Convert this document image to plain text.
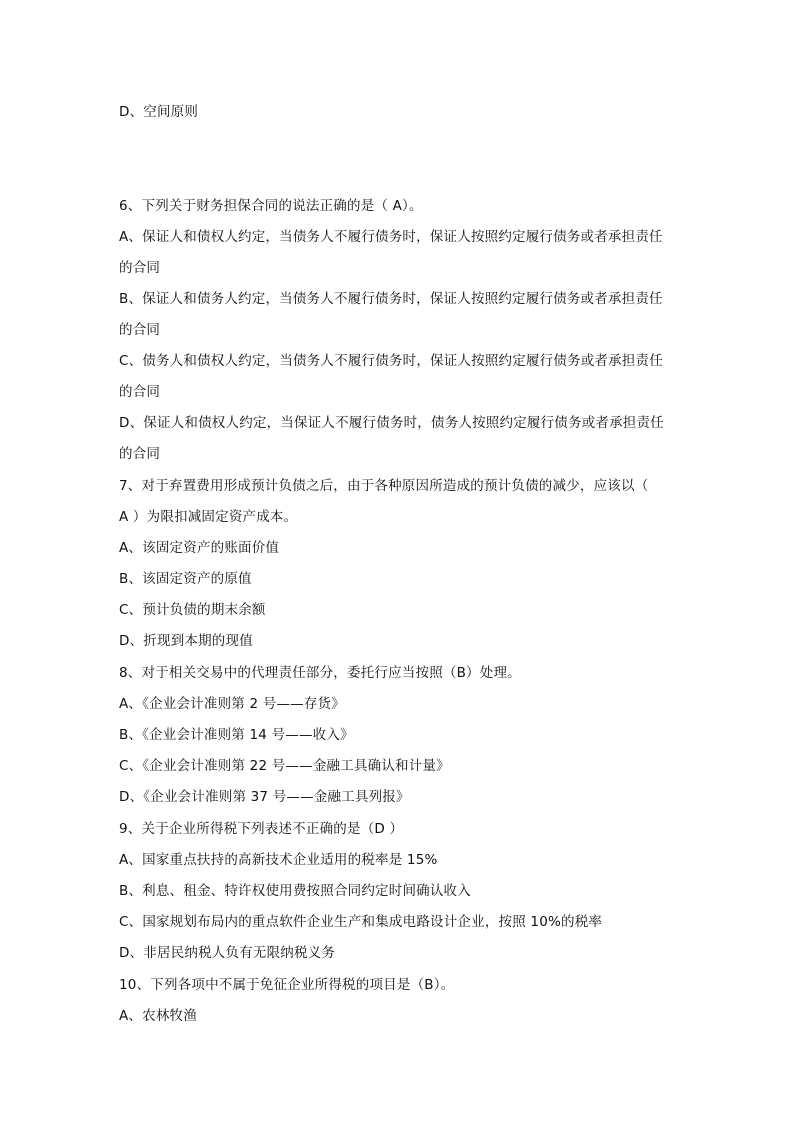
D、空间原则
6、下列关于财务担保合同的说法正确的是（ A）。
A、保证人和债权人约定，当债务人不履行债务时，保证人按照约定履行债务或者承担责任
的合同
B、保证人和债务人约定，当债务人不履行债务时，保证人按照约定履行债务或者承担责任
的合同
C、债务人和债权人约定，当债务人不履行债务时，保证人按照约定履行债务或者承担责任
的合同
D、保证人和债权人约定，当保证人不履行债务时，债务人按照约定履行债务或者承担责任
的合同
7、对于弃置费用形成预计负债之后，由于各种原因所造成的预计负债的减少，应该以（
A ）为限扣减固定资产成本。
A、该固定资产的账面价值
B、该固定资产的原值
C、预计负债的期末余额
D、折现到本期的现值
8、对于相关交易中的代理责任部分，委托行应当按照（B）处理。
A、《企业会计准则第 2 号——存货》
B、《企业会计准则第 14 号——收入》
C、《企业会计准则第 22 号——金融工具确认和计量》
D、《企业会计准则第 37 号——金融工具列报》
9、关于企业所得税下列表述不正确的是（D ）
A、国家重点扶持的高新技术企业适用的税率是 15%
B、利息、租金、特许权使用费按照合同约定时间确认收入
C、国家规划布局内的重点软件企业生产和集成电路设计企业，按照 10%的税率
D、非居民纳税人负有无限纳税义务
10、下列各项中不属于免征企业所得税的项目是（B）。
A、农林牧渔
